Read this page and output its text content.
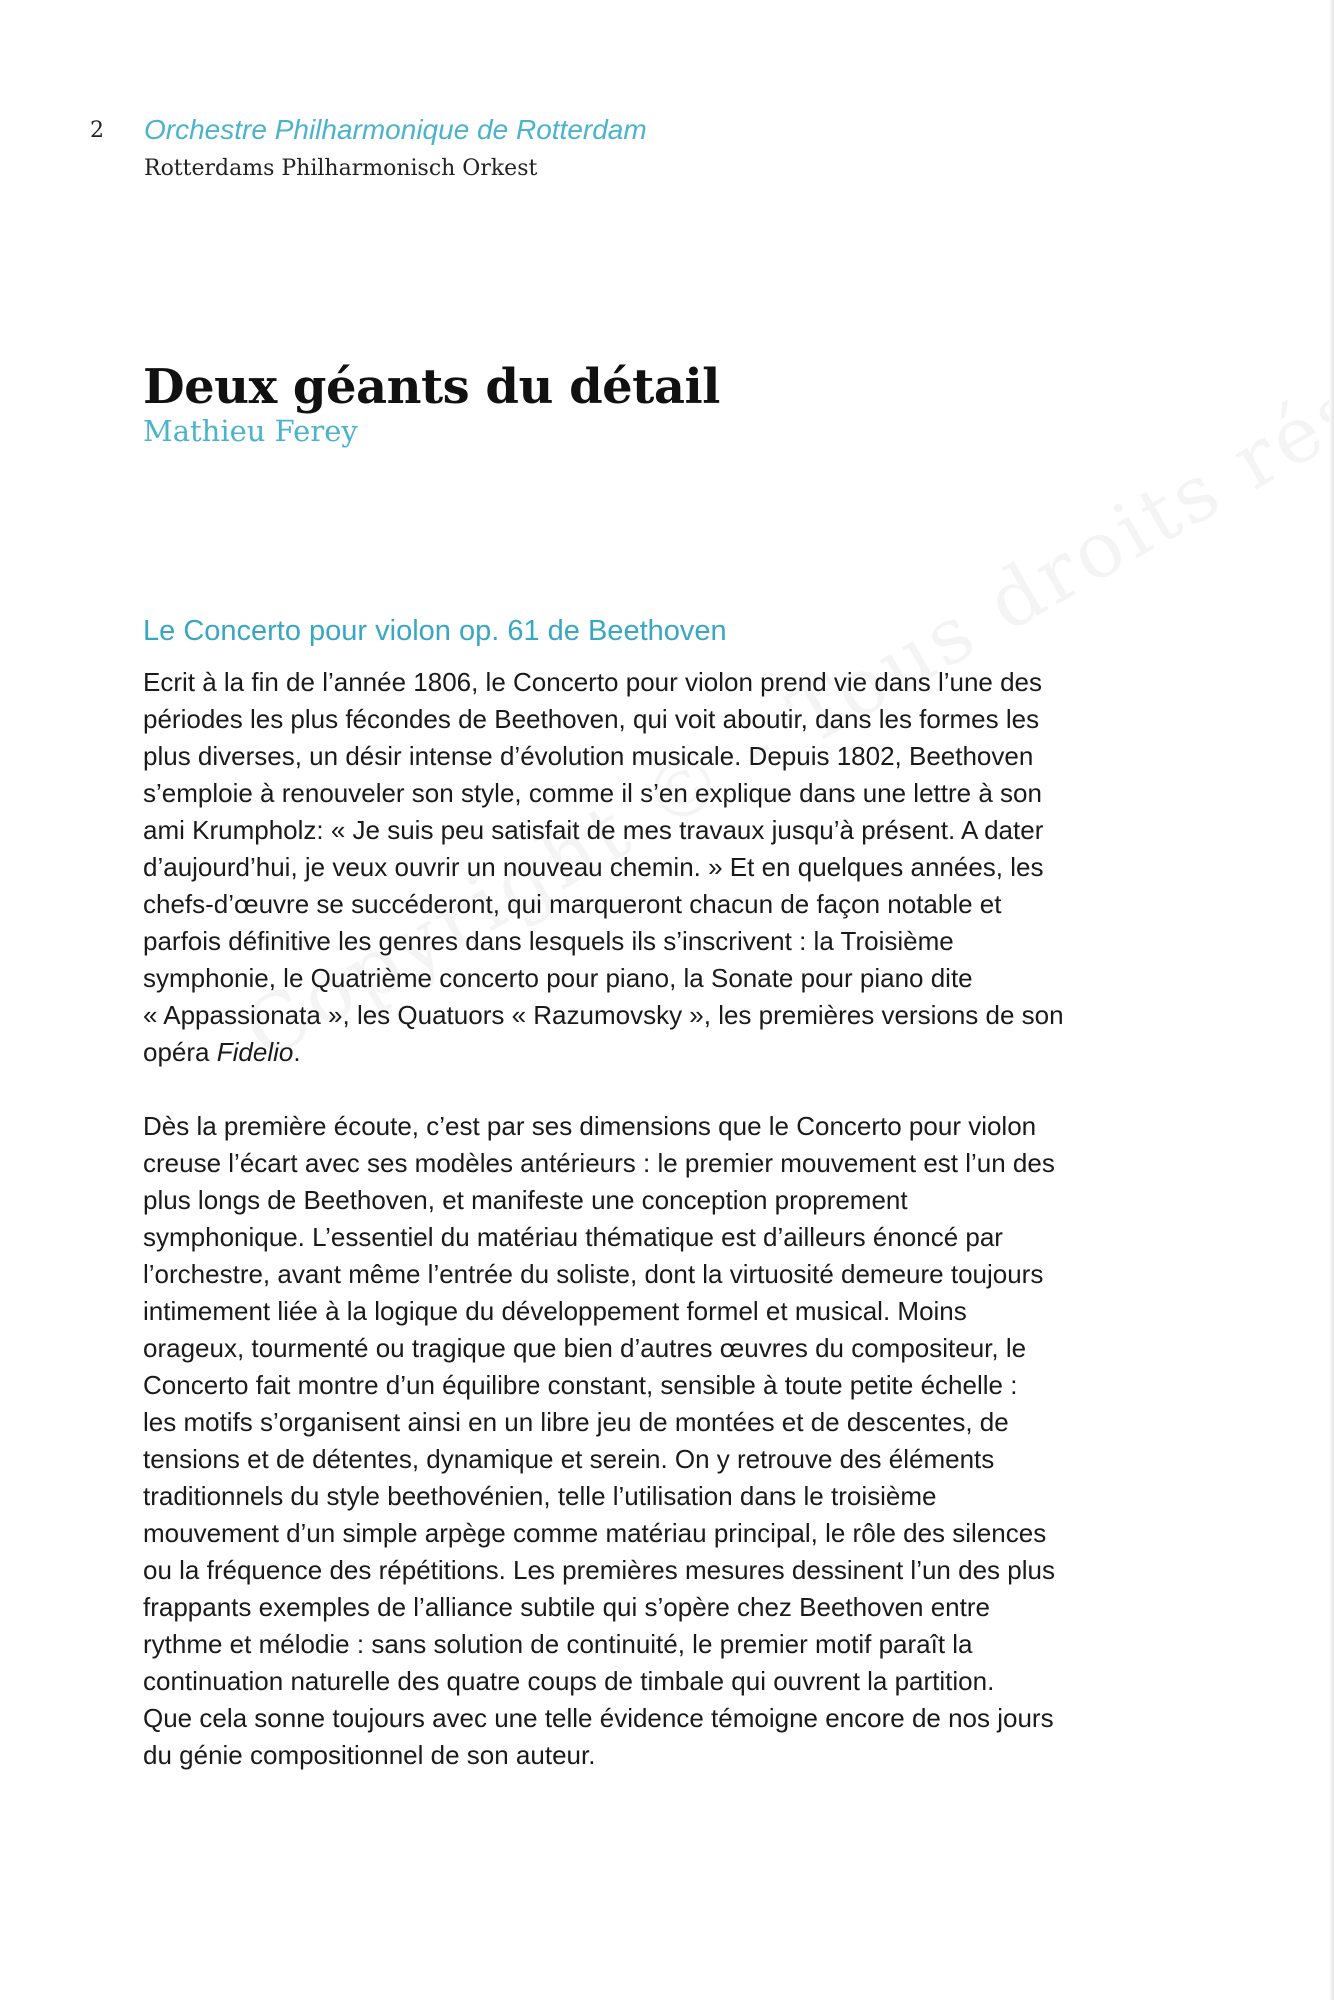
2 Orchestre Philharmonique de Rotterdam
Rotterdams Philharmonisch Orkest
Deux géants du détail

Mathieu Ferey

Le Concerto pour violon op. 61 de Beethoven

Ecrit à la fin de l’année 1806, le Concerto pour violon prend vie dans l’une des
périodes les plus fécondes de Beethoven, qui voit aboutir, dans les formes les
plus diverses, un désir intense d’évolution musicale. Depuis 1802, Beethoven
s’emploie à renouveler son style, comme il s’en explique dans une lettre à son
ami Krumpholz: « Je suis peu satisfait de mes travaux jusqu’à présent. A dater
d’aujourd’hui, je veux ouvrir un nouveau chemin. » Et en quelques années, les
chefs-d’œuvre se succéderont, qui marqueront chacun de façon notable et
parfois définitive les genres dans lesquels ils s’inscrivent : la Troisième
symphonie, le Quatrième concerto pour piano, la Sonate pour piano dite
« Appassionata », les Quatuors « Razumovsky », les premières versions de son
opéra Fidelio.

Dès la première écoute, c’est par ses dimensions que le Concerto pour violon
creuse l’écart avec ses modèles antérieurs : le premier mouvement est l’un des
plus longs de Beethoven, et manifeste une conception proprement
symphonique. L’essentiel du matériau thématique est d’ailleurs énoncé par
l’orchestre, avant même l’entrée du soliste, dont la virtuosité demeure toujours
intimement liée à la logique du développement formel et musical. Moins
orageux, tourmenté ou tragique que bien d’autres œuvres du compositeur, le
Concerto fait montre d’un équilibre constant, sensible à toute petite échelle :
les motifs s’organisent ainsi en un libre jeu de montées et de descentes, de
tensions et de détentes, dynamique et serein. On y retrouve des éléments
traditionnels du style beethovénien, telle l’utilisation dans le troisième
mouvement d’un simple arpège comme matériau principal, le rôle des silences
ou la fréquence des répétitions. Les premières mesures dessinent l’un des plus
frappants exemples de l’alliance subtile qui s’opère chez Beethoven entre
rythme et mélodie : sans solution de continuité, le premier motif paraît la
continuation naturelle des quatre coups de timbale qui ouvrent la partition.
Que cela sonne toujours avec une telle évidence témoigne encore de nos jours
du génie compositionnel de son auteur.
